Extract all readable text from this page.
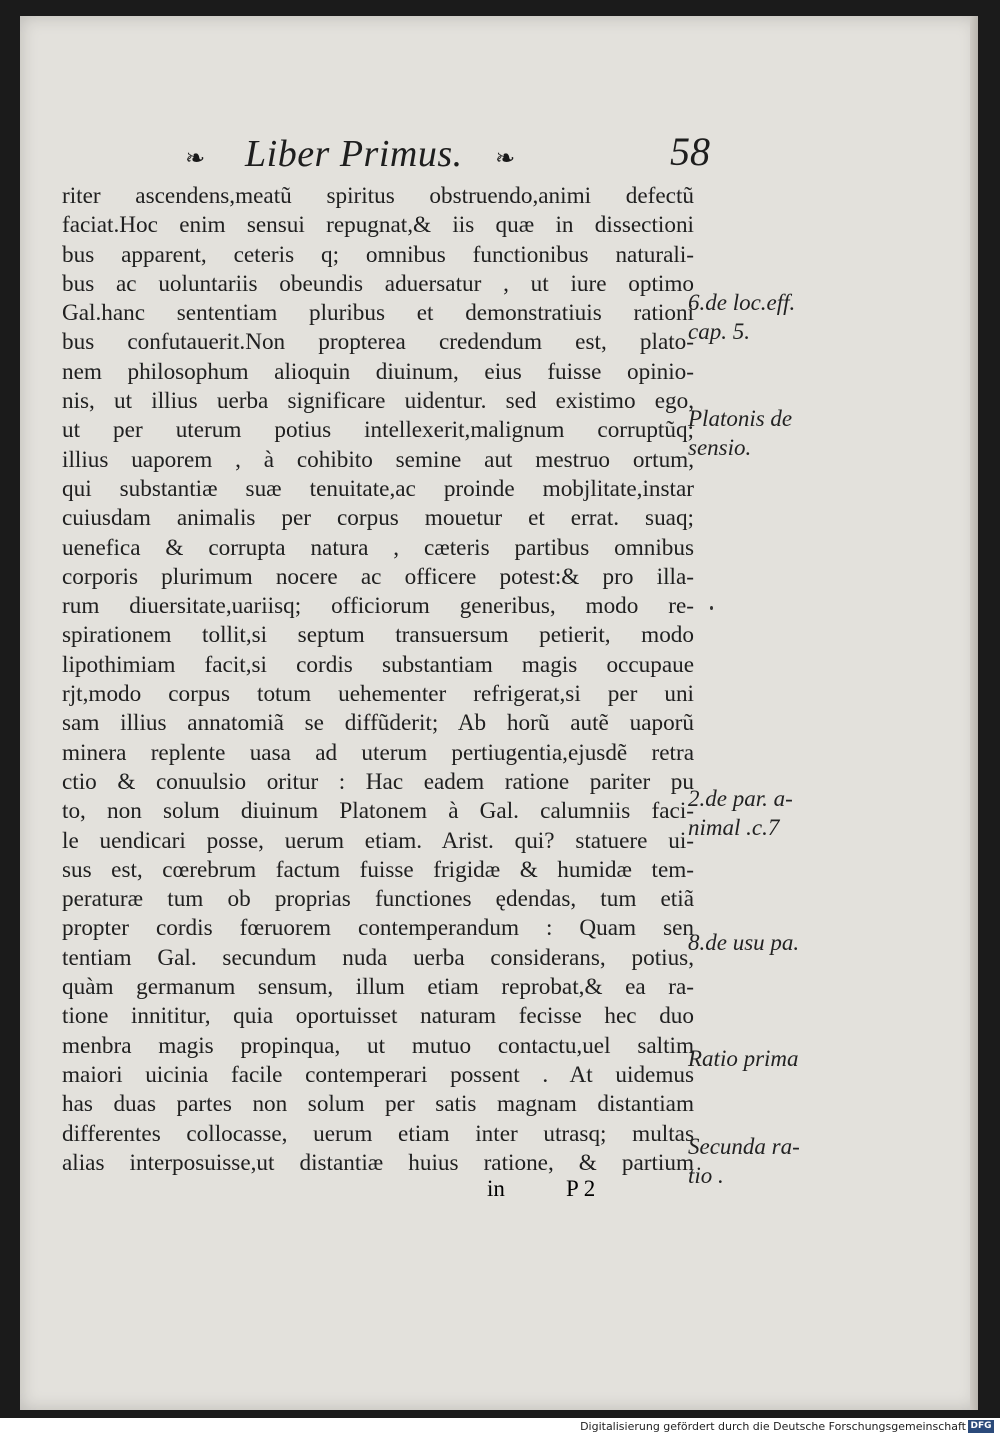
❧ Liber Primus. ❧	58
riter ascendens,meatũ spiritus obstruendo,animi defectũ
faciat.Hoc enim sensui repugnat,& iis quæ in dissectioni
bus apparent, ceteris q; omnibus functionibus naturali-
bus ac uoluntariis obeundis aduersatur , ut iure optimo
Gal.hanc sententiam pluribus et demonstratiuis rationi
bus confutauerit.Non propterea credendum est, plato-
nem philosophum alioquin diuinum, eius fuisse opinio-
nis, ut illius uerba significare uidentur. sed existimo ego,
ut per uterum potius intellexerit,malignum corruptũq;
illius uaporem , à cohibito semine aut mestruo ortum,
qui substantiæ suæ tenuitate,ac proinde mobjlitate,instar
cuiusdam animalis per corpus mouetur et errat. suaq;
uenefica & corrupta natura , cæteris partibus omnibus
corporis plurimum nocere ac officere potest:& pro illa-
rum diuersitate,uariisq; officiorum generibus, modo re-
spirationem tollit,si septum transuersum petierit, modo
lipothimiam facit,si cordis substantiam magis occupaue
rjt,modo corpus totum uehementer refrigerat,si per uni
sam illius annatomiã se diffũderit; Ab horũ autẽ uaporũ
minera replente uasa ad uterum pertiugentia,ejusdẽ retra
ctio & conuulsio oritur : Hac eadem ratione pariter pu
to, non solum diuinum Platonem à Gal. calumniis faci-
le uendicari posse, uerum etiam. Arist. qui? statuere ui-
sus est, cœrebrum factum fuisse frigidæ & humidæ tem-
peraturæ tum ob proprias functiones ędendas, tum etiã
propter cordis fœruorem contemperandum : Quam sen
tentiam Gal. secundum nuda uerba considerans, potius,
quàm germanum sensum, illum etiam reprobat,& ea ra-
tione innititur, quia oportuisset naturam fecisse hec duo
menbra magis propinqua, ut mutuo contactu,uel saltim
maiori uicinia facile contemperari possent . At uidemus
has duas partes non solum per satis magnam distantiam
differentes collocasse, uerum etiam inter utrasq; multas
alias interposuisse,ut distantiæ huius ratione, & partium
6.de loc.eff.
cap. 5.
Platonis de
sensio.
2.de par. a-
nimal .c.7
8.de usu pa.
Ratio prima
Secunda ra-
tio .
in	P 2
Digitalisierung gefördert durch die Deutsche Forschungsgemeinschaft DFG
